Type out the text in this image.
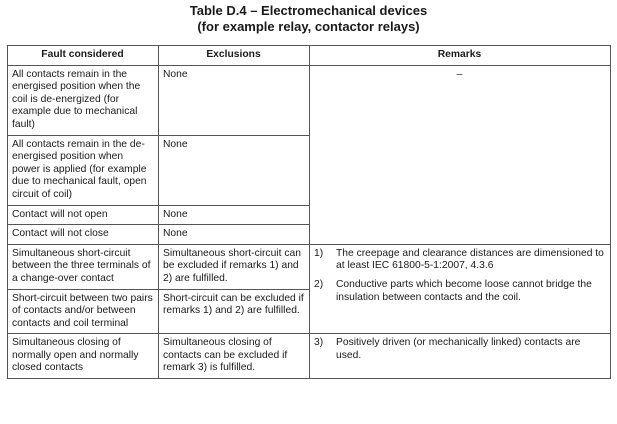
Table D.4 – Electromechanical devices
(for example relay, contactor relays)
Fault considered	Exclusions	Remarks
All contacts remain in the energised position when the coil is de-energized (for example due to mechanical fault)	None	–
All contacts remain in the de-energised position when power is applied (for example due to mechanical fault, open circuit of coil)	None	
Contact will not open	None	
Contact will not close	None	
Simultaneous short-circuit between the three terminals of a change-over contact	Simultaneous short-circuit can be excluded if remarks 1) and 2) are fulfilled.	1) The creepage and clearance distances are dimensioned to at least IEC 61800-5-1:2007, 4.3.6
2) Conductive parts which become loose cannot bridge the insulation between contacts and the coil.

Short-circuit between two pairs of contacts and/or between contacts and coil terminal	Short-circuit can be excluded if remarks 1) and 2) are fulfilled.	
Simultaneous closing of normally open and normally closed contacts	Simultaneous closing of contacts can be excluded if remark 3) is fulfilled.	3) Positively driven (or mechanically linked) contacts are used.
